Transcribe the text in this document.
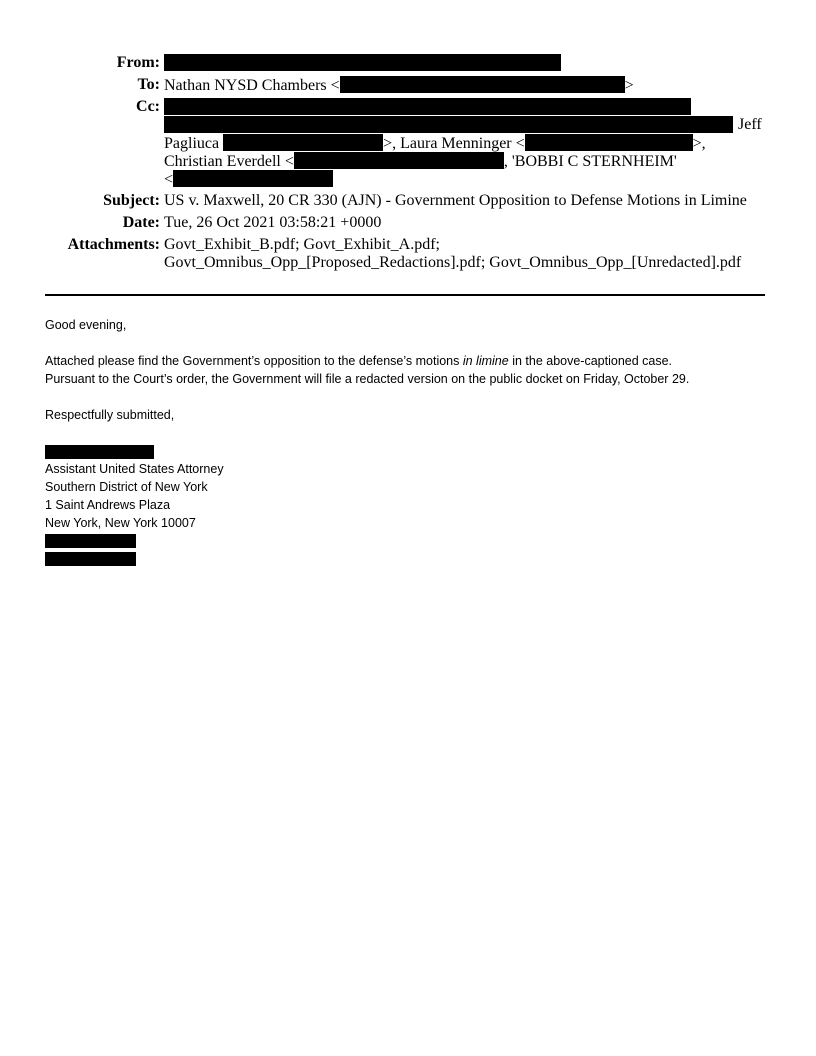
From:
To: Nathan NYSD Chambers <	>
Cc:
Jeff
Pagliuca	>, Laura Menninger <	>,
Christian Everdell <	, 'BOBBI C STERNHEIM'
<
Subject: US v. Maxwell, 20 CR 330 (AJN) - Government Opposition to Defense Motions in Limine
Date: Tue, 26 Oct 2021 03:58:21 +0000
Attachments: Govt_Exhibit_B.pdf; Govt_Exhibit_A.pdf;
Govt_Omnibus_Opp_[Proposed_Redactions].pdf; Govt_Omnibus_Opp_[Unredacted].pdf

Good evening,

Attached please find the Government’s opposition to the defense’s motions in limine in the above-captioned case.

Pursuant to the Court’s order, the Government will file a redacted version on the public docket on Friday, October 29.

Respectfully submitted,

Assistant United States Attorney

Southern District of New York

1 Saint Andrews Plaza

New York, New York 10007
